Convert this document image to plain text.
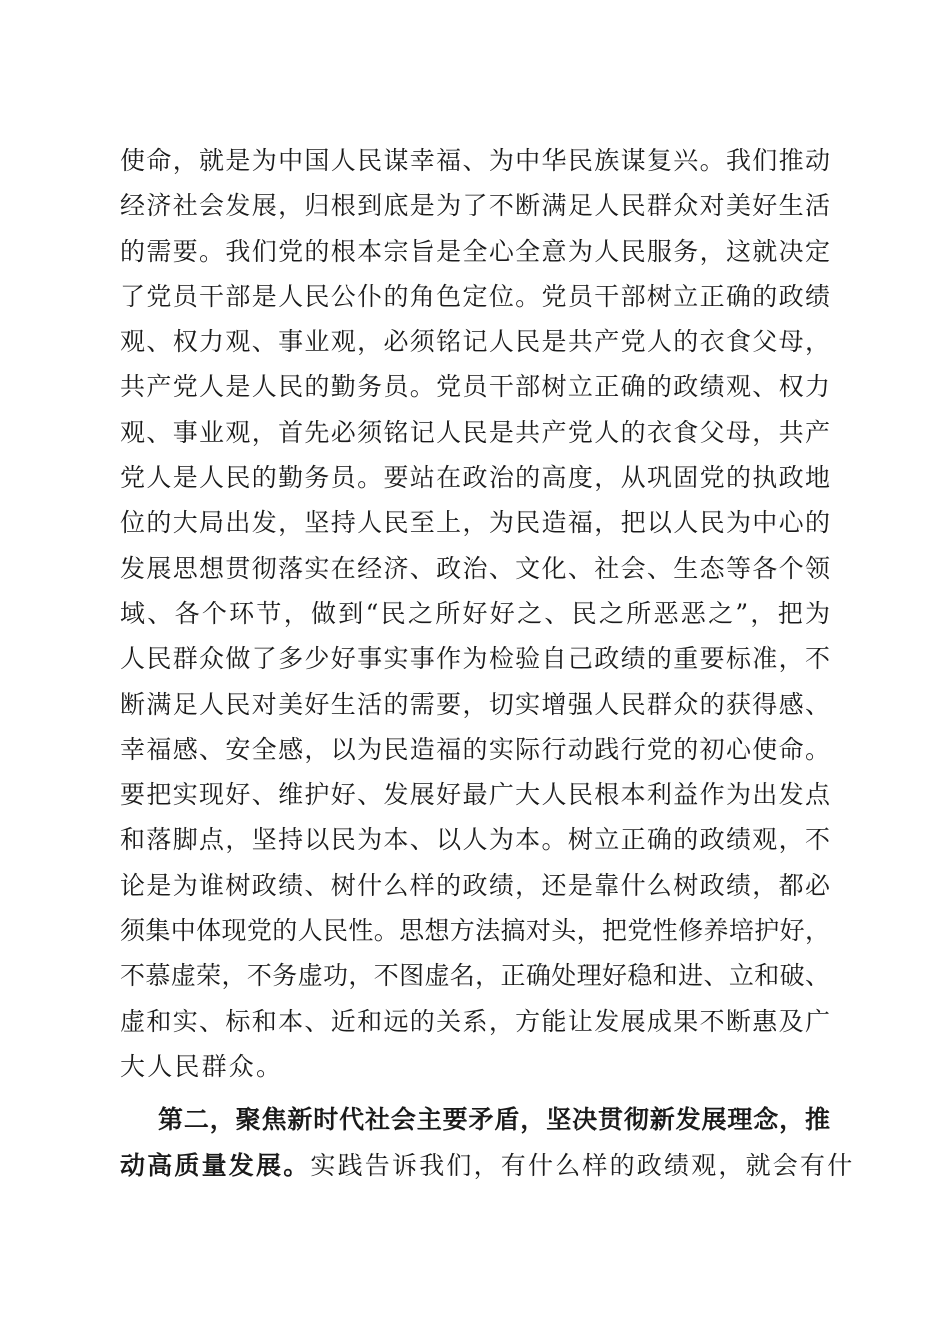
使命，就是为中国人民谋幸福、为中华民族谋复兴。我们推动
经济社会发展，归根到底是为了不断满足人民群众对美好生活
的需要。我们党的根本宗旨是全心全意为人民服务，这就决定
了党员干部是人民公仆的角色定位。党员干部树立正确的政绩
观、权力观、事业观，必须铭记人民是共产党人的衣食父母，
共产党人是人民的勤务员。党员干部树立正确的政绩观、权力
观、事业观，首先必须铭记人民是共产党人的衣食父母，共产
党人是人民的勤务员。要站在政治的高度，从巩固党的执政地
位的大局出发，坚持人民至上，为民造福，把以人民为中心的
发展思想贯彻落实在经济、政治、文化、社会、生态等各个领
域、各个环节，做到“民之所好好之、民之所恶恶之”，把为
人民群众做了多少好事实事作为检验自己政绩的重要标准，不
断满足人民对美好生活的需要，切实增强人民群众的获得感、
幸福感、安全感，以为民造福的实际行动践行党的初心使命。
要把实现好、维护好、发展好最广大人民根本利益作为出发点
和落脚点，坚持以民为本、以人为本。树立正确的政绩观，不
论是为谁树政绩、树什么样的政绩，还是靠什么树政绩，都必
须集中体现党的人民性。思想方法搞对头，把党性修养培护好，
不慕虚荣，不务虚功，不图虚名，正确处理好稳和进、立和破、
虚和实、标和本、近和远的关系，方能让发展成果不断惠及广
大人民群众。
第二，聚焦新时代社会主要矛盾，坚决贯彻新发展理念，推
动高质量发展。实践告诉我们，有什么样的政绩观，就会有什
